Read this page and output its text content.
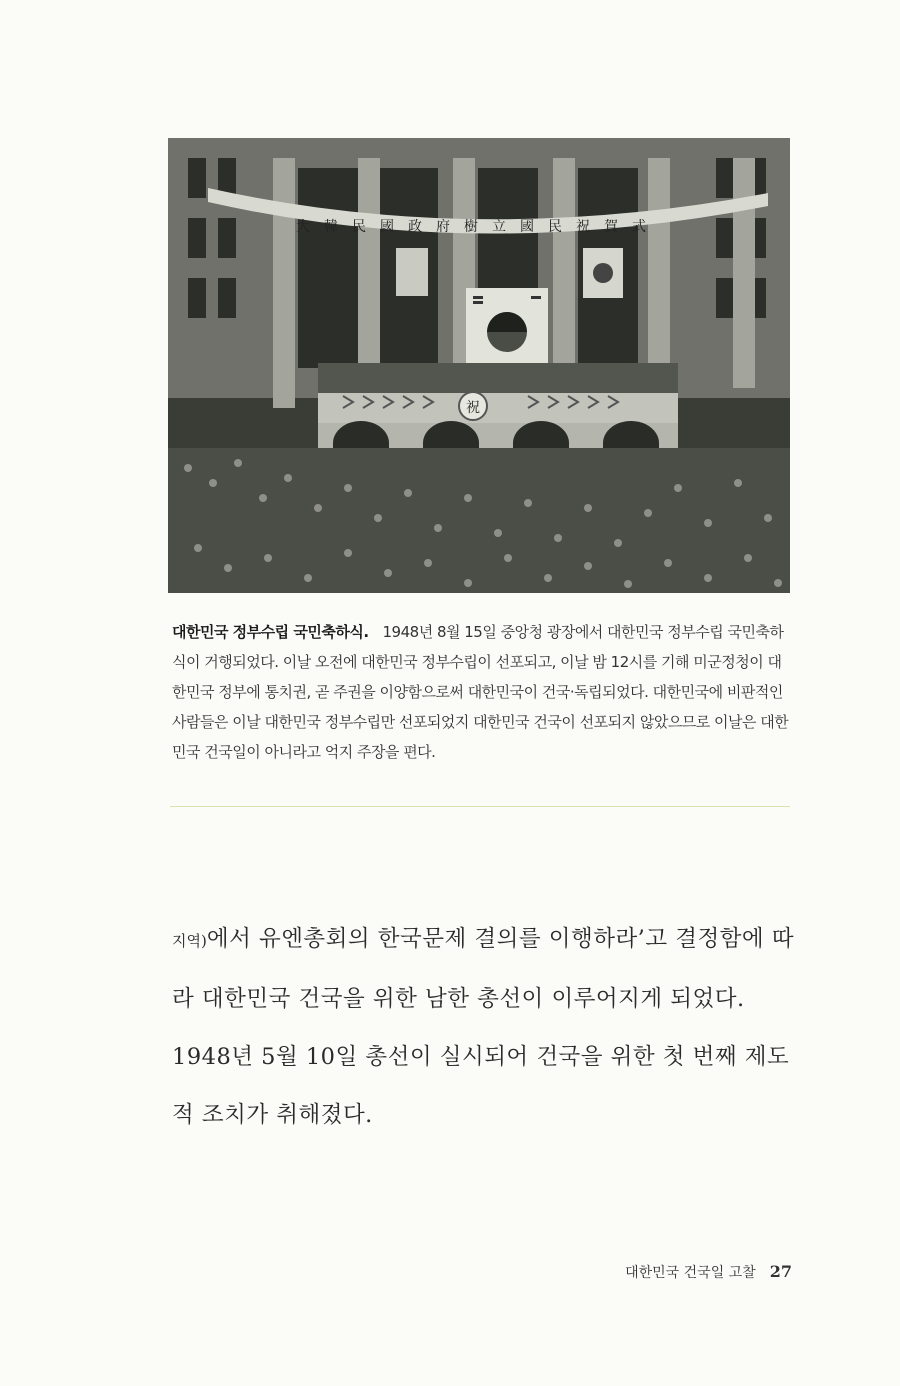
大韓民國政府樹立國民祝賀式
祝

대한민국 정부수립 국민축하식. 1948년 8월 15일 중앙청 광장에서 대한민국 정부수립 국민축하식이 거행되었다. 이날 오전에 대한민국 정부수립이 선포되고, 이날 밤 12시를 기해 미군정청이 대한민국 정부에 통치권, 곧 주권을 이양함으로써 대한민국이 건국·독립되었다. 대한민국에 비판적인 사람들은 이날 대한민국 정부수립만 선포되었지 대한민국 건국이 선포되지 않았으므로 이날은 대한민국 건국일이 아니라고 억지 주장을 편다.

지역)에서 유엔총회의 한국문제 결의를 이행하라’고 결정함에 따라 대한민국 건국을 위한 남한 총선이 이루어지게 되었다. 1948년 5월 10일 총선이 실시되어 건국을 위한 첫 번째 제도적 조치가 취해졌다.

대한민국 건국일 고찰 27
